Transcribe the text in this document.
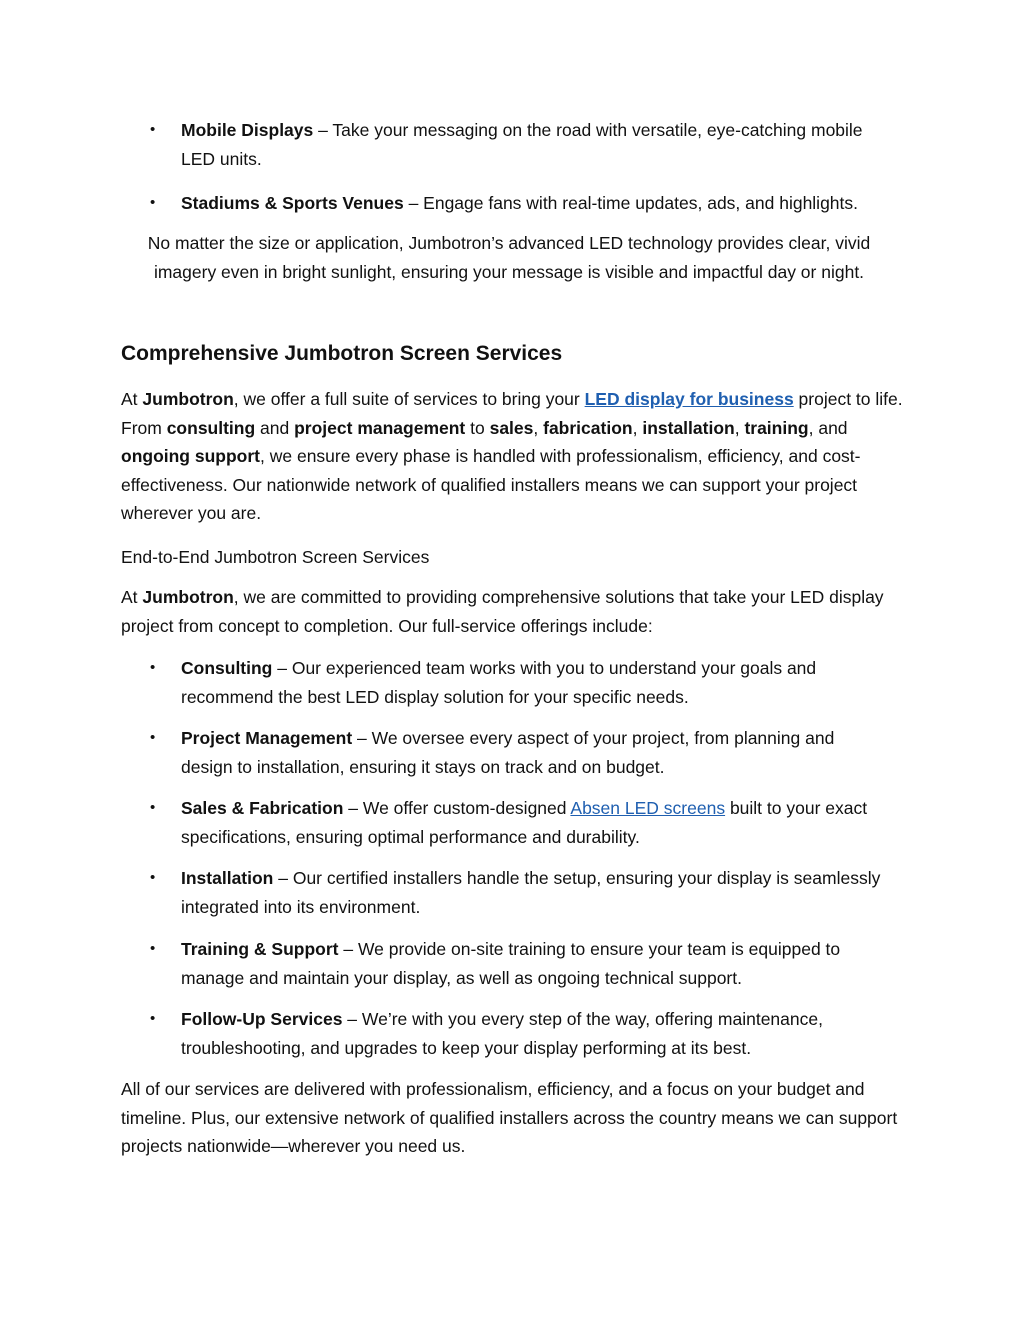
• Mobile Displays – Take your messaging on the road with versatile, eye-catching mobile LED units.

• Stadiums & Sports Venues – Engage fans with real-time updates, ads, and highlights.

No matter the size or application, Jumbotron’s advanced LED technology provides clear, vivid imagery even in bright sunlight, ensuring your message is visible and impactful day or night.

Comprehensive Jumbotron Screen Services

At Jumbotron, we offer a full suite of services to bring your LED display for business project to life. From consulting and project management to sales, fabrication, installation, training, and ongoing support, we ensure every phase is handled with professionalism, efficiency, and cost-effectiveness. Our nationwide network of qualified installers means we can support your project wherever you are.

End-to-End Jumbotron Screen Services

At Jumbotron, we are committed to providing comprehensive solutions that take your LED display project from concept to completion. Our full-service offerings include:

• Consulting – Our experienced team works with you to understand your goals and recommend the best LED display solution for your specific needs.

• Project Management – We oversee every aspect of your project, from planning and design to installation, ensuring it stays on track and on budget.

• Sales & Fabrication – We offer custom-designed Absen LED screens built to your exact specifications, ensuring optimal performance and durability.

• Installation – Our certified installers handle the setup, ensuring your display is seamlessly integrated into its environment.

• Training & Support – We provide on-site training to ensure your team is equipped to manage and maintain your display, as well as ongoing technical support.

• Follow-Up Services – We’re with you every step of the way, offering maintenance, troubleshooting, and upgrades to keep your display performing at its best.

All of our services are delivered with professionalism, efficiency, and a focus on your budget and timeline. Plus, our extensive network of qualified installers across the country means we can support projects nationwide—wherever you need us.
